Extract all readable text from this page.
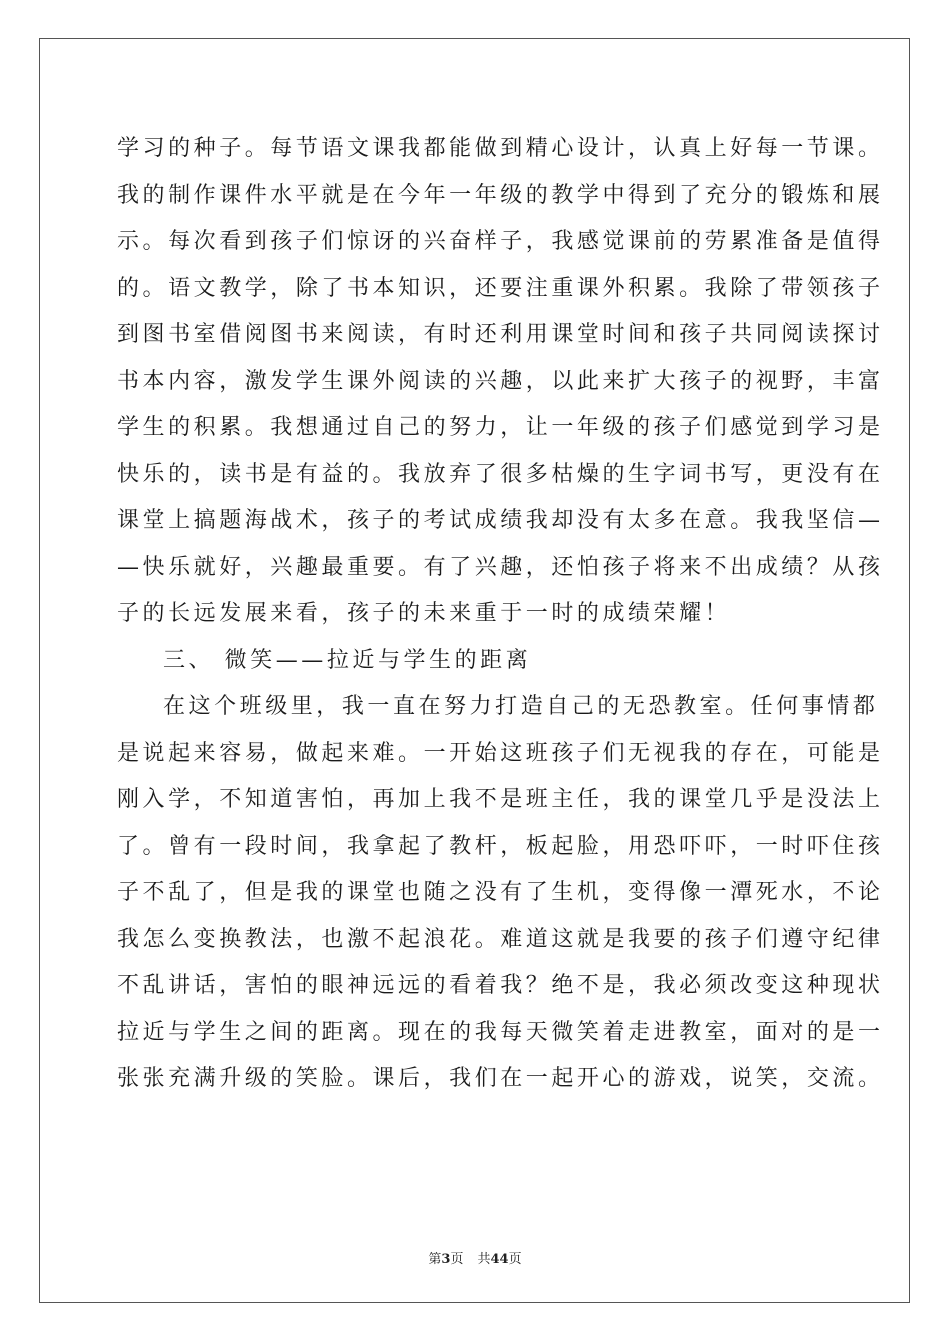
学习的种子。每节语文课我都能做到精心设计，认真上好每一节课。
我的制作课件水平就是在今年一年级的教学中得到了充分的锻炼和展
示。每次看到孩子们惊讶的兴奋样子，我感觉课前的劳累准备是值得
的。语文教学，除了书本知识，还要注重课外积累。我除了带领孩子
到图书室借阅图书来阅读，有时还利用课堂时间和孩子共同阅读探讨
书本内容，激发学生课外阅读的兴趣，以此来扩大孩子的视野，丰富
学生的积累。我想通过自己的努力，让一年级的孩子们感觉到学习是
快乐的，读书是有益的。我放弃了很多枯燥的生字词书写，更没有在
课堂上搞题海战术，孩子的考试成绩我却没有太多在意。我我坚信—
—快乐就好，兴趣最重要。有了兴趣，还怕孩子将来不出成绩？从孩
子的长远发展来看，孩子的未来重于一时的成绩荣耀！
三、 微笑——拉近与学生的距离
在这个班级里，我一直在努力打造自己的无恐教室。任何事情都
是说起来容易，做起来难。一开始这班孩子们无视我的存在，可能是
刚入学，不知道害怕，再加上我不是班主任，我的课堂几乎是没法上
了。曾有一段时间，我拿起了教杆，板起脸，用恐吓吓，一时吓住孩
子不乱了，但是我的课堂也随之没有了生机，变得像一潭死水，不论
我怎么变换教法，也激不起浪花。难道这就是我要的孩子们遵守纪律
不乱讲话，害怕的眼神远远的看着我？绝不是，我必须改变这种现状
拉近与学生之间的距离。现在的我每天微笑着走进教室，面对的是一
张张充满升级的笑脸。课后，我们在一起开心的游戏，说笑，交流。
第3页 共44页
